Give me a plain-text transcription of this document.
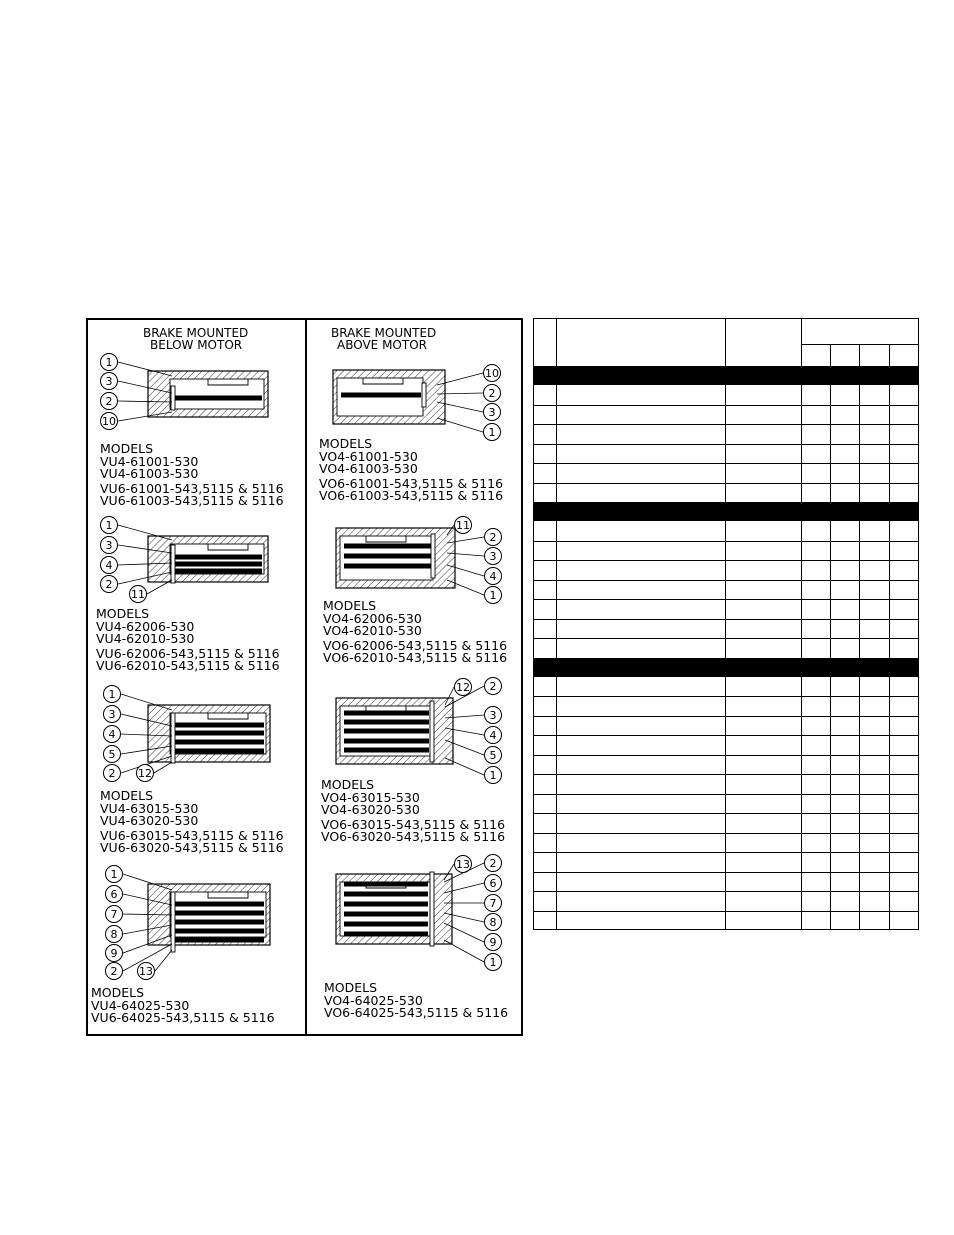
1
3
2
10
1
3
4
2
11
1
3
4
5
2 12
1
6
7
8
9
2 13
10
2
3
1
11
2
3
4
1
12 2
3
4
5
1
13 2
6
7
8
9
1
BRAKE MOUNTED
BELOW MOTOR
BRAKE MOUNTED
ABOVE MOTOR
MODELS
VU4-61001-530
VU4-61003-530
VU6-61001-543,5115 & 5116
VU6-61003-543,5115 & 5116
MODELS
VU4-62006-530
VU4-62010-530
VU6-62006-543,5115 & 5116
VU6-62010-543,5115 & 5116
MODELS
VU4-63015-530
VU4-63020-530
VU6-63015-543,5115 & 5116
VU6-63020-543,5115 & 5116
MODELS
VU4-64025-530
VU6-64025-543,5115 & 5116
MODELS
VO4-61001-530
VO4-61003-530
VO6-61001-543,5115 & 5116
VO6-61003-543,5115 & 5116
MODELS
VO4-62006-530
VO4-62010-530
VO6-62006-543,5115 & 5116
VO6-62010-543,5115 & 5116
MODELS
VO4-63015-530
VO4-63020-530
VO6-63015-543,5115 & 5116
VO6-63020-543,5115 & 5116
MODELS
VO4-64025-530
VO6-64025-543,5115 & 5116
